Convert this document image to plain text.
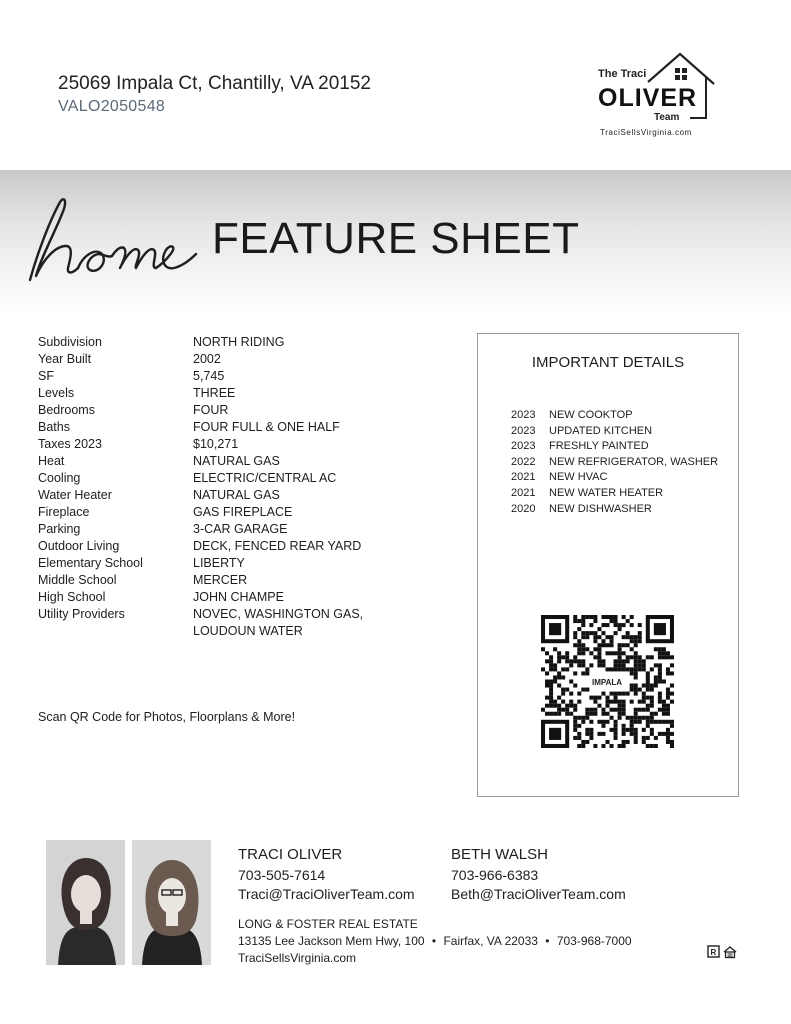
25069 Impala Ct, Chantilly, VA 20152
VALO2050548
The Traci
OLIVER
Team
TraciSellsVirginia.com
FEATURE SHEET
Subdivision	NORTH RIDING
Year Built	2002
SF	5,745
Levels	THREE
Bedrooms	FOUR
Baths	FOUR FULL & ONE HALF
Taxes 2023	$10,271
Heat	NATURAL GAS
Cooling	ELECTRIC/CENTRAL AC
Water Heater	NATURAL GAS
Fireplace	GAS FIREPLACE
Parking	3-CAR GARAGE
Outdoor Living	DECK, FENCED REAR YARD
Elementary School	LIBERTY
Middle School	MERCER
High School	JOHN CHAMPE
Utility Providers	NOVEC, WASHINGTON GAS, LOUDOUN WATER
Scan QR Code for Photos, Floorplans & More!
IMPORTANT DETAILS
2023	NEW COOKTOP
2023	UPDATED KITCHEN
2023	FRESHLY PAINTED
2022	NEW REFRIGERATOR, WASHER
2021	NEW HVAC
2021	NEW WATER HEATER
2020	NEW DISHWASHER
IMPALA
TRACI OLIVER
703-505-7614
Traci@TraciOliverTeam.com
BETH WALSH
703-966-6383
Beth@TraciOliverTeam.com
LONG & FOSTER REAL ESTATE
13135 Lee Jackson Mem Hwy, 100 • Fairfax, VA 22033 • 703-968-7000
TraciSellsVirginia.com	R
